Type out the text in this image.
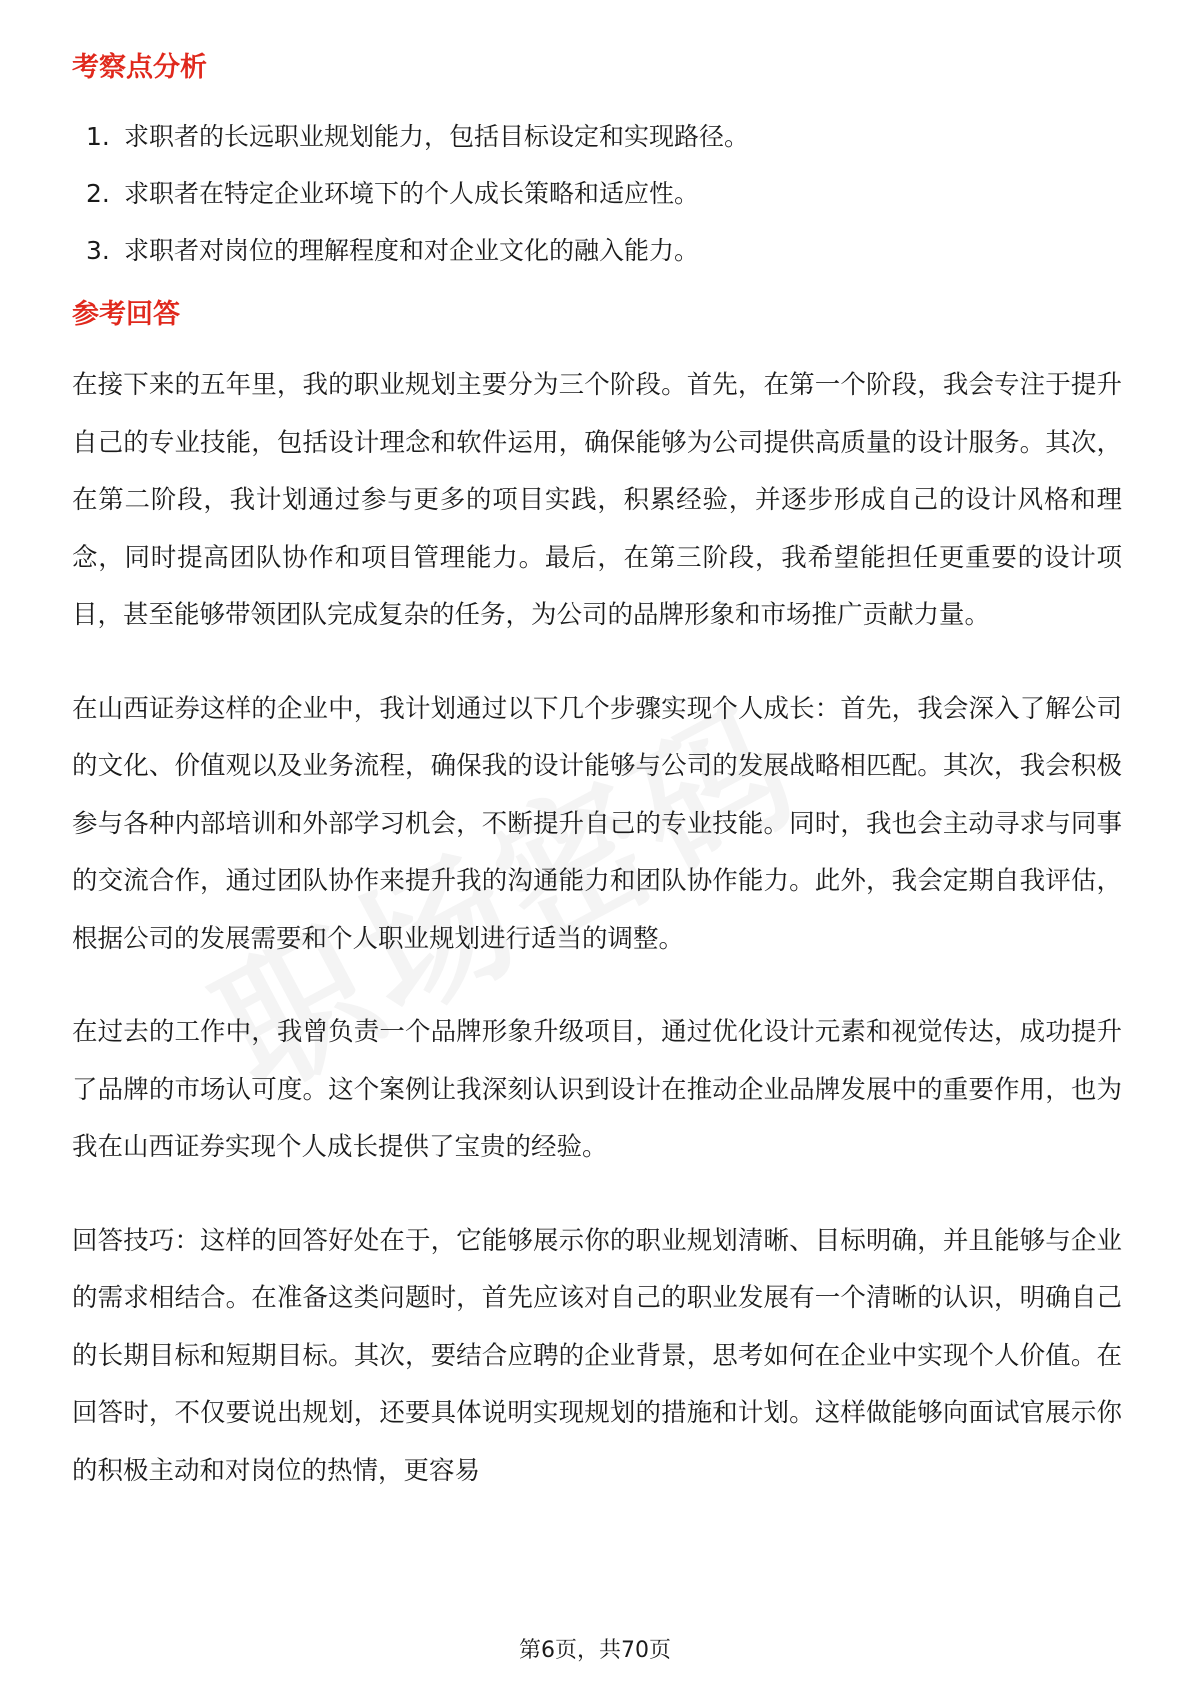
考察点分析
1. 求职者的长远职业规划能力，包括目标设定和实现路径。
2. 求职者在特定企业环境下的个人成长策略和适应性。
3. 求职者对岗位的理解程度和对企业文化的融入能力。
参考回答

在接下来的五年里，我的职业规划主要分为三个阶段。首先，在第一个阶段，我会专注于提升自己的专业技能，包括设计理念和软件运用，确保能够为公司提供高质量的设计服务。其次，在第二阶段，我计划通过参与更多的项目实践，积累经验，并逐步形成自己的设计风格和理念，同时提高团队协作和项目管理能力。最后，在第三阶段，我希望能担任更重要的设计项目，甚至能够带领团队完成复杂的任务，为公司的品牌形象和市场推广贡献力量。

在山西证券这样的企业中，我计划通过以下几个步骤实现个人成长：首先，我会深入了解公司的文化、价值观以及业务流程，确保我的设计能够与公司的发展战略相匹配。其次，我会积极参与各种内部培训和外部学习机会，不断提升自己的专业技能。同时，我也会主动寻求与同事的交流合作，通过团队协作来提升我的沟通能力和团队协作能力。此外，我会定期自我评估，根据公司的发展需要和个人职业规划进行适当的调整。

在过去的工作中，我曾负责一个品牌形象升级项目，通过优化设计元素和视觉传达，成功提升了品牌的市场认可度。这个案例让我深刻认识到设计在推动企业品牌发展中的重要作用，也为我在山西证券实现个人成长提供了宝贵的经验。

回答技巧：这样的回答好处在于，它能够展示你的职业规划清晰、目标明确，并且能够与企业的需求相结合。在准备这类问题时，首先应该对自己的职业发展有一个清晰的认识，明确自己的长期目标和短期目标。其次，要结合应聘的企业背景，思考如何在企业中实现个人价值。在回答时，不仅要说出规划，还要具体说明实现规划的措施和计划。这样做能够向面试官展示你的积极主动和对岗位的热情，更容易

第6页，共70页
